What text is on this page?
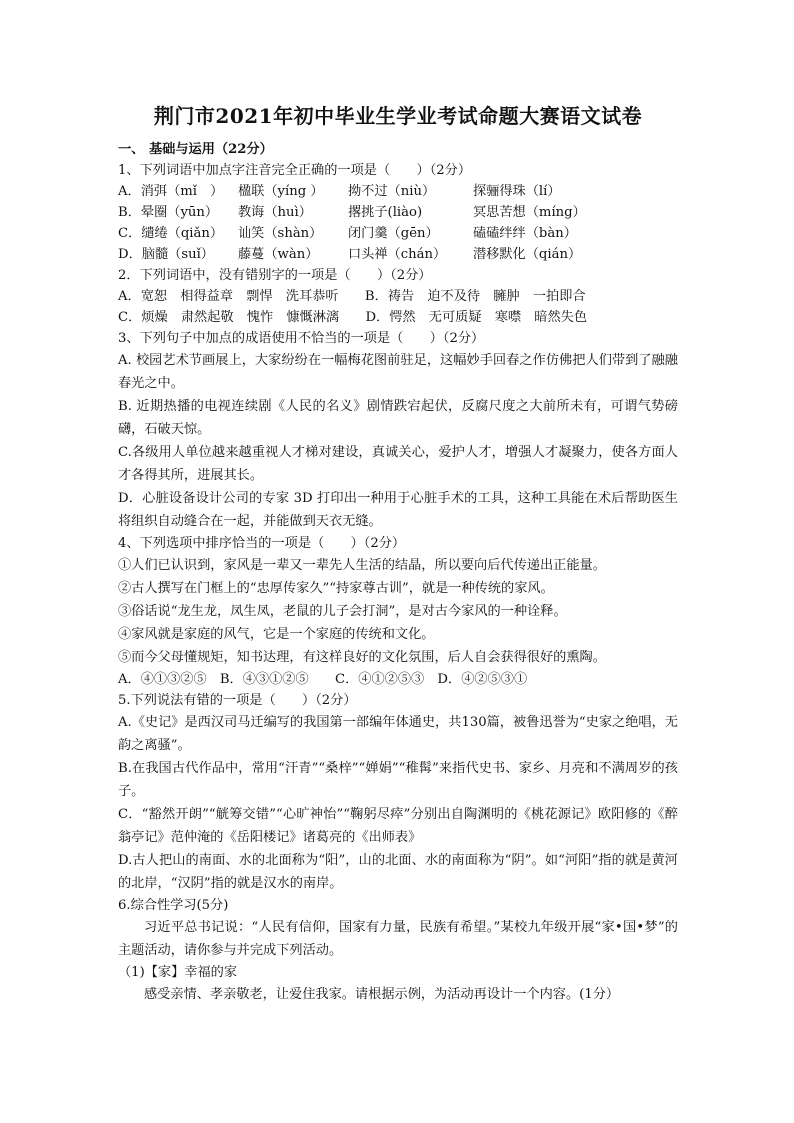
荆门市2021年初中毕业生学业考试命题大赛语文试卷
一、 基础与运用（22分）
1、下列词语中加点字注音完全正确的一项是（　　）（2分）
A．消弭（mǐ　）	楹联（yíng ）	拗不过（niù）	探骊得珠（lí）
B．晕圈（yūn）	教诲（huì）	撂挑子(liào)	冥思苦想（míng）
C．缱绻（qiǎn）	讪笑（shàn）	闭门羹（gēn）	磕磕绊绊（bàn）
D．脑髓（suǐ）	藤蔓（wàn）	口头禅（chán）	潜移默化（qián）
2．下列词语中，没有错别字的一项是（　　）（2分）
A．宽恕　相得益章　剽悍　洗耳恭听　　B．祷告　迫不及待　臃肿　一拍即合
C．烦燥　肃然起敬　愧怍　慷慨淋漓　　D．愕然　无可质疑　寒噤　暗然失色
3、下列句子中加点的成语使用不恰当的一项是（　　）（2分）
A. 校园艺术节画展上，大家纷纷在一幅梅花图前驻足，这幅妙手回春之作仿佛把人们带到了融融春光之中。
B. 近期热播的电视连续剧《人民的名义》剧情跌宕起伏，反腐尺度之大前所未有，可谓气势磅礴，石破天惊。
C.各级用人单位越来越重视人才梯对建设，真诚关心，爱护人才，增强人才凝聚力，使各方面人才各得其所，进展其长。
D．心脏设备设计公司的专家 3D 打印出一种用于心脏手术的工具，这种工具能在术后帮助医生将组织自动缝合在一起，并能做到天衣无缝。
4、下列选项中排序恰当的一项是（　　）（2分）
①人们已认识到，家风是一辈又一辈先人生活的结晶，所以要向后代传递出正能量。
②古人撰写在门框上的“忠厚传家久”“持家尊古训”，就是一种传统的家风。
③俗话说“龙生龙，凤生凤，老鼠的儿子会打洞”，是对古今家风的一种诠释。
④家风就是家庭的风气，它是一个家庭的传统和文化。
⑤而今父母懂规矩，知书达理，有这样良好的文化氛围，后人自会获得很好的熏陶。
A．④①③②⑤　B．④③①②⑤　　C．④①②⑤③　D．④②⑤③①
5.下列说法有错的一项是（　　）（2分）
A.《史记》是西汉司马迁编写的我国第一部编年体通史，共130篇，被鲁迅誉为“史家之绝唱，无韵之离骚”。
B.在我国古代作品中，常用“汗青”“桑梓”“婵娟”“稚髯”来指代史书、家乡、月亮和不满周岁的孩子。
C．“豁然开朗”“觥筹交错”“心旷神怡”“鞠躬尽瘁”分别出自陶渊明的《桃花源记》欧阳修的《醉翁亭记》范仲淹的《岳阳楼记》诸葛亮的《出师表》
D.古人把山的南面、水的北面称为“阳”，山的北面、水的南面称为“阴”。如“河阳”指的就是黄河的北岸，“汉阴”指的就是汉水的南岸。
6.综合性学习(5分)
习近平总书记说：“人民有信仰，国家有力量，民族有希望。”某校九年级开展“家•国•梦”的主题活动，请你参与并完成下列活动。
（1)【家】幸福的家
感受亲情、孝亲敬老，让爱住我家。请根据示例，为活动再设计一个内容。(1分）
